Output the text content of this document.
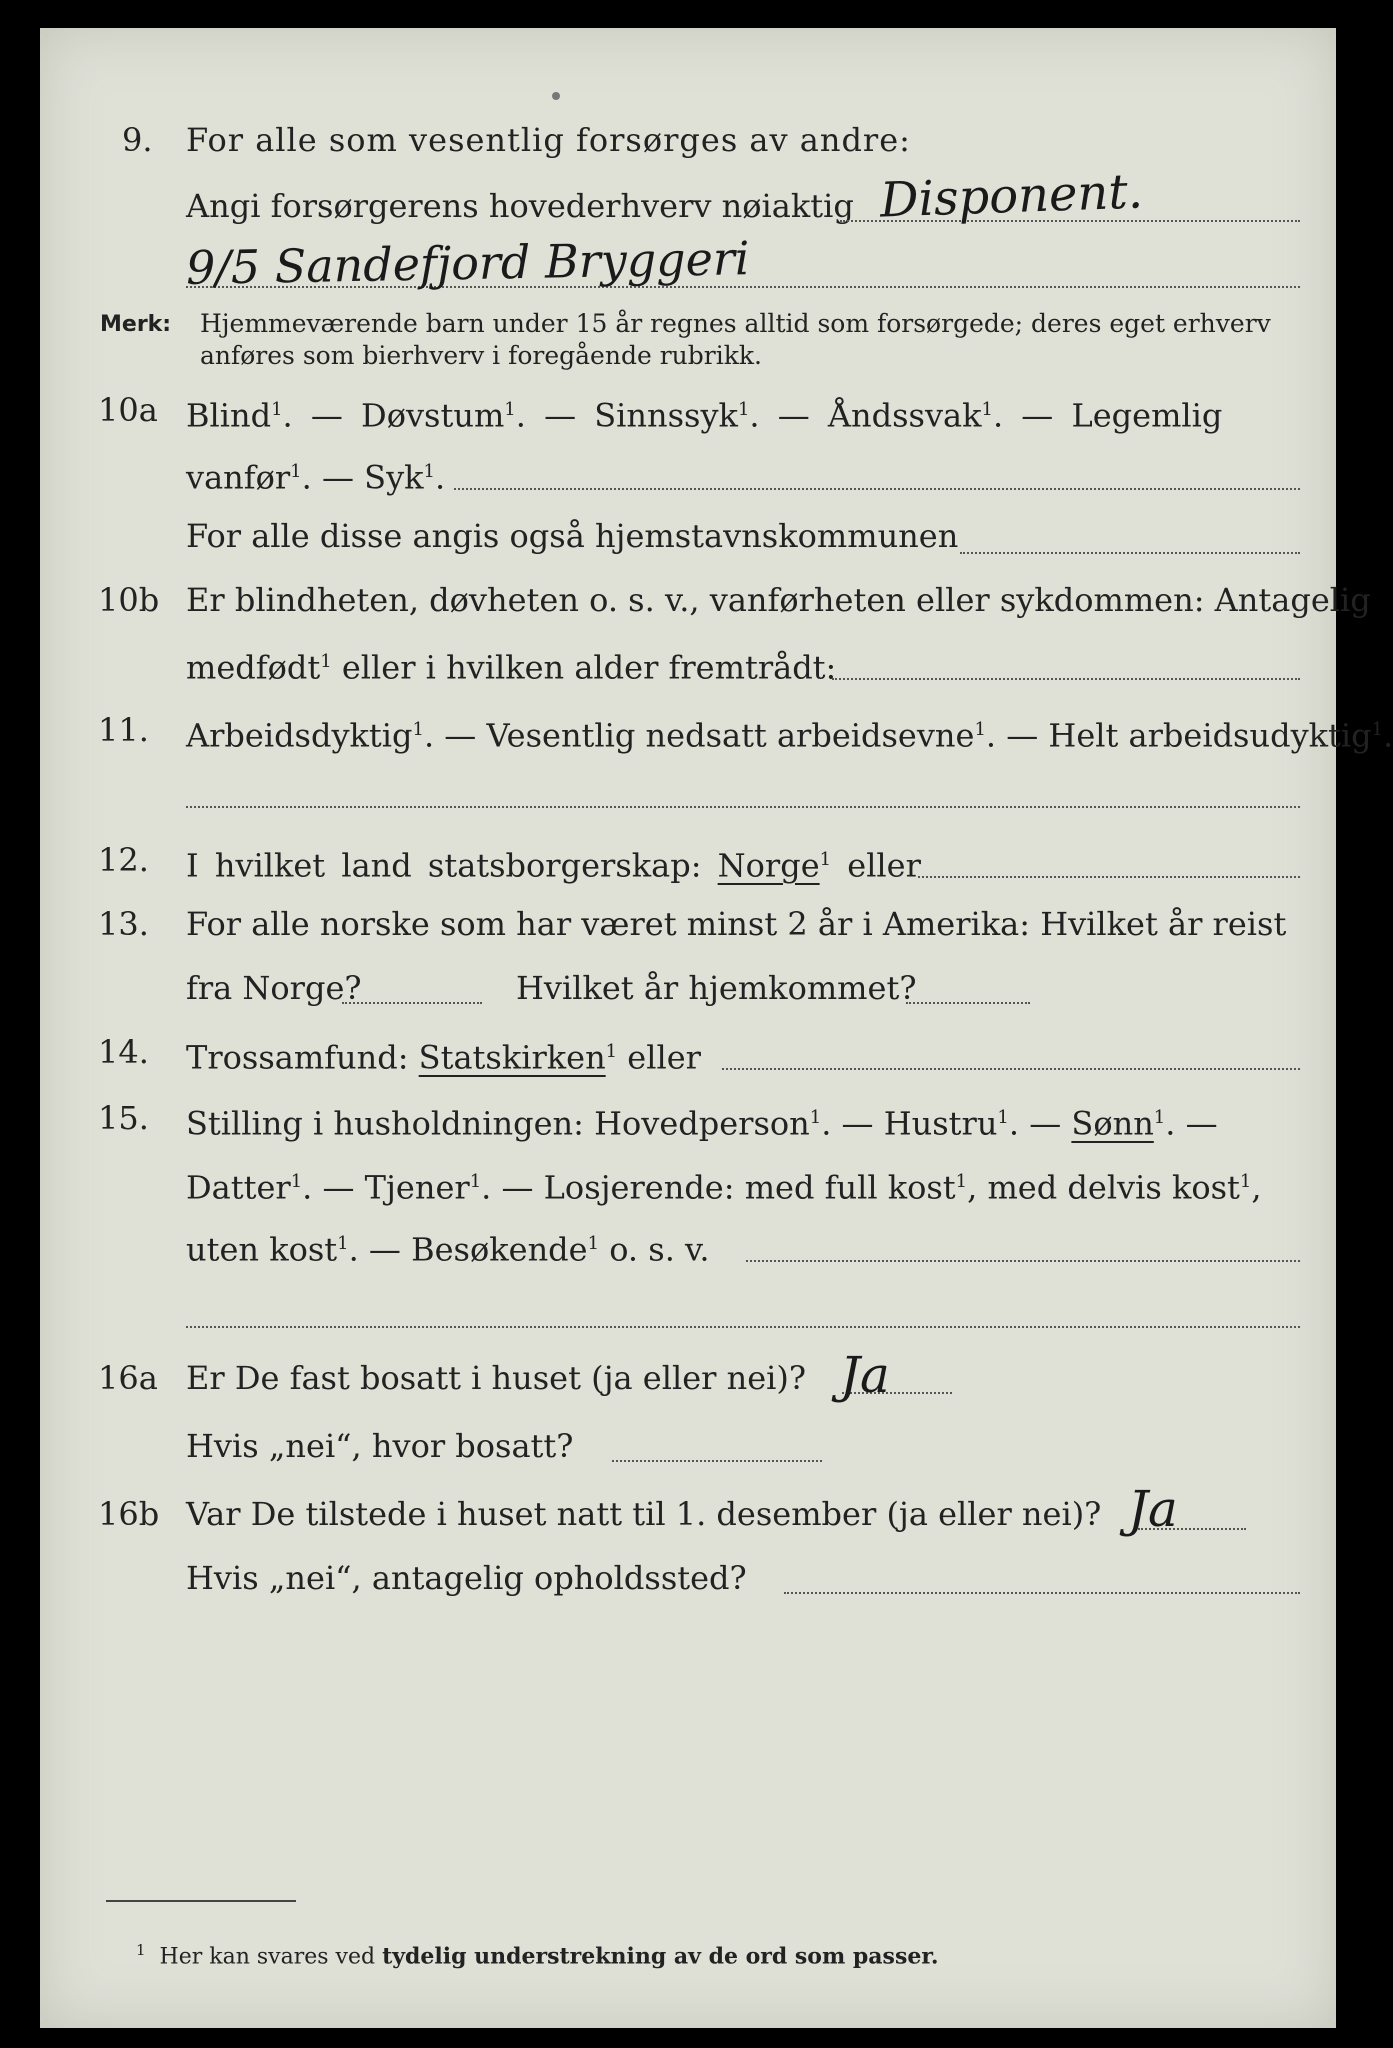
9. For alle som vesentlig forsørges av andre:
Angi forsørgerens hovederhverv nøiaktig Disponent.
9/5 Sandefjord Bryggeri
Merk: Hjemmeværende barn under 15 år regnes alltid som forsørgede; deres eget erhverv
anføres som bierhverv i foregående rubrikk.
10a Blind$^1$. — Døvstum$^1$. — Sinnssyk$^1$. — Åndssvak$^1$. — Legemlig
vanfør$^1$. — Syk$^1$.
For alle disse angis også hjemstavnskommunen
10b Er blindheten, døvheten o. s. v., vanførheten eller sykdommen: Antagelig
medfødt$^1$ eller i hvilken alder fremtrådt:
11. Arbeidsdyktig$^1$. — Vesentlig nedsatt arbeidsevne$^1$. — Helt arbeidsudyktig$^1$.
12. I hvilket land statsborgerskap: Norge$^1$ eller
13. For alle norske som har været minst 2 år i Amerika: Hvilket år reist
fra Norge?	Hvilket år hjemkommet?
14. Trossamfund: Statskirken$^1$ eller
15. Stilling i husholdningen: Hovedperson$^1$. — Hustru$^1$. — Sønn$^1$. —
Datter$^1$. — Tjener$^1$. — Losjerende: med full kost$^1$, med delvis kost$^1$,
uten kost$^1$. — Besøkende$^1$ o. s. v.
16a Er De fast bosatt i huset (ja eller nei)? Ja
Hvis „nei“, hvor bosatt?
16b Var De tilstede i huset natt til 1. desember (ja eller nei)? Ja
Hvis „nei“, antagelig opholdssted?
$^1$ Her kan svares ved tydelig understrekning av de ord som passer.
